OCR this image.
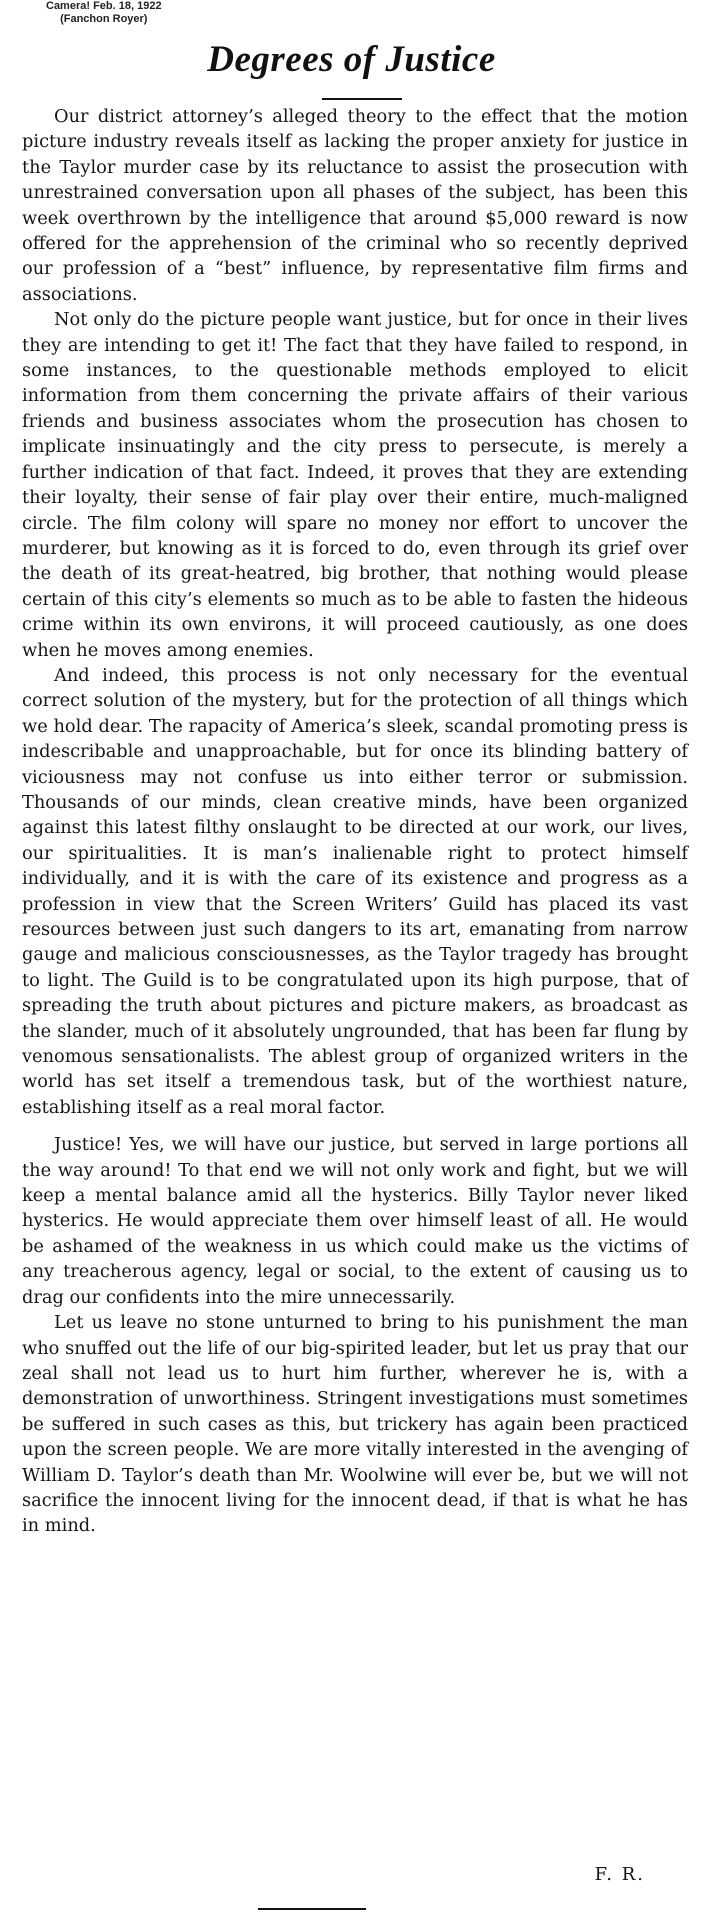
Camera! Feb. 18, 1922
(Fanchon Royer)
Degrees of Justice

Our district attorney’s alleged theory to the effect that the motion picture industry reveals itself as lacking the proper anxiety for justice in the Taylor murder case by its reluctance to assist the prosecution with unrestrained conversation upon all phases of the subject, has been this week overthrown by the intelligence that around $5,000 reward is now offered for the apprehension of the criminal who so recently deprived our profession of a “best” influence, by representative film firms and associations.

Not only do the picture people want justice, but for once in their lives they are intending to get it! The fact that they have failed to respond, in some instances, to the questionable methods employed to elicit information from them concerning the private affairs of their various friends and business associates whom the prosecution has chosen to implicate insinuatingly and the city press to persecute, is merely a further indication of that fact. Indeed, it proves that they are extending their loyalty, their sense of fair play over their entire, much-maligned circle. The film colony will spare no money nor effort to uncover the murderer, but knowing as it is forced to do, even through its grief over the death of its great-heatred, big brother, that nothing would please certain of this city’s elements so much as to be able to fasten the hideous crime within its own environs, it will proceed cautiously, as one does when he moves among enemies.

And indeed, this process is not only necessary for the eventual correct solution of the mystery, but for the protection of all things which we hold dear. The rapacity of America’s sleek, scandal promoting press is indescribable and unapproachable, but for once its blinding battery of viciousness may not confuse us into either terror or submission. Thousands of our minds, clean creative minds, have been organized against this latest filthy onslaught to be directed at our work, our lives, our spiritualities. It is man’s inalienable right to protect himself individually, and it is with the care of its existence and progress as a profession in view that the Screen Writers’ Guild has placed its vast resources between just such dangers to its art, emanating from narrow gauge and malicious consciousnesses, as the Taylor tragedy has brought to light. The Guild is to be congratulated upon its high purpose, that of spreading the truth about pictures and picture makers, as broadcast as the slander, much of it absolutely ungrounded, that has been far flung by venomous sensationalists. The ablest group of organized writers in the world has set itself a tremendous task, but of the worthiest nature, establishing itself as a real moral factor.

Justice! Yes, we will have our justice, but served in large portions all the way around! To that end we will not only work and fight, but we will keep a mental balance amid all the hysterics. Billy Taylor never liked hysterics. He would appreciate them over himself least of all. He would be ashamed of the weakness in us which could make us the victims of any treacherous agency, legal or social, to the extent of causing us to drag our confidents into the mire unnecessarily.

Let us leave no stone unturned to bring to his punishment the man who snuffed out the life of our big-spirited leader, but let us pray that our zeal shall not lead us to hurt him further, wherever he is, with a demonstration of unworthiness. Stringent investigations must sometimes be suffered in such cases as this, but trickery has again been practiced upon the screen people. We are more vitally interested in the avenging of William D. Taylor’s death than Mr. Woolwine will ever be, but we will not sacrifice the innocent living for the innocent dead, if that is what he has in mind.

F. R.
